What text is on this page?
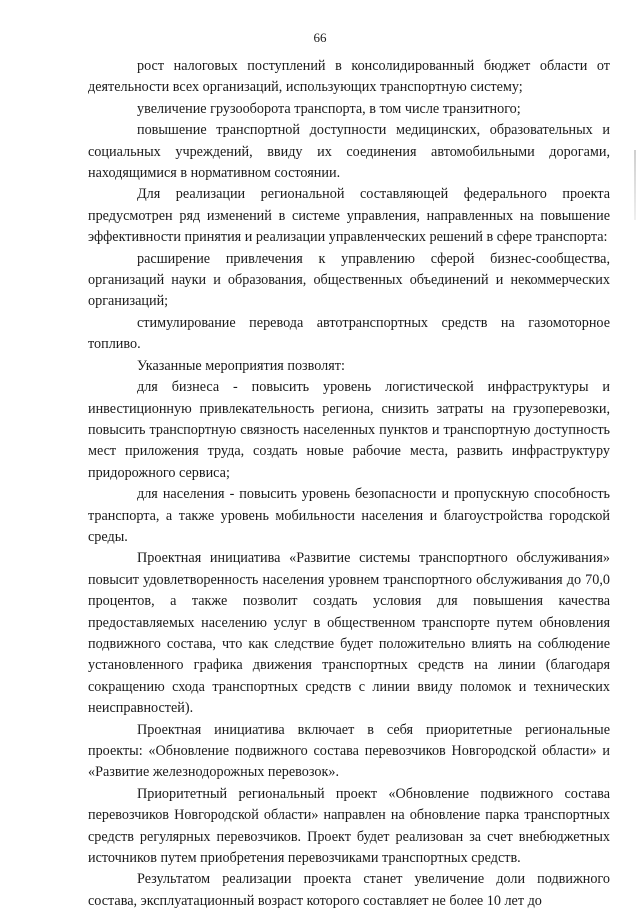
66

рост налоговых поступлений в консолидированный бюджет области от деятельности всех организаций, использующих транспортную систему;

увеличение грузооборота транспорта, в том числе транзитного;

повышение транспортной доступности медицинских, образовательных и социальных учреждений, ввиду их соединения автомобильными дорогами, находящимися в нормативном состоянии.

Для реализации региональной составляющей федерального проекта предусмотрен ряд изменений в системе управления, направленных на повышение эффективности принятия и реализации управленческих решений в сфере транспорта:

расширение привлечения к управлению сферой бизнес-сообщества, организаций науки и образования, общественных объединений и некоммерческих организаций;

стимулирование перевода автотранспортных средств на газомоторное топливо.

Указанные мероприятия позволят:

для бизнеса - повысить уровень логистической инфраструктуры и инвестиционную привлекательность региона, снизить затраты на грузоперевозки, повысить транспортную связность населенных пунктов и транспортную доступность мест приложения труда, создать новые рабочие места, развить инфраструктуру придорожного сервиса;

для населения - повысить уровень безопасности и пропускную способность транспорта, а также уровень мобильности населения и благоустройства городской среды.

Проектная инициатива «Развитие системы транспортного обслуживания» повысит удовлетворенность населения уровнем транспортного обслуживания до 70,0 процентов, а также позволит создать условия для повышения качества предоставляемых населению услуг в общественном транспорте путем обновления подвижного состава, что как следствие будет положительно влиять на соблюдение установленного графика движения транспортных средств на линии (благодаря сокращению схода транспортных средств с линии ввиду поломок и технических неисправностей).

Проектная инициатива включает в себя приоритетные региональные проекты: «Обновление подвижного состава перевозчиков Новгородской области» и «Развитие железнодорожных перевозок».

Приоритетный региональный проект «Обновление подвижного состава перевозчиков Новгородской области» направлен на обновление парка транспортных средств регулярных перевозчиков. Проект будет реализован за счет внебюджетных источников путем приобретения перевозчиками транспортных средств.

Результатом реализации проекта станет увеличение доли подвижного состава, эксплуатационный возраст которого составляет не более 10 лет до
